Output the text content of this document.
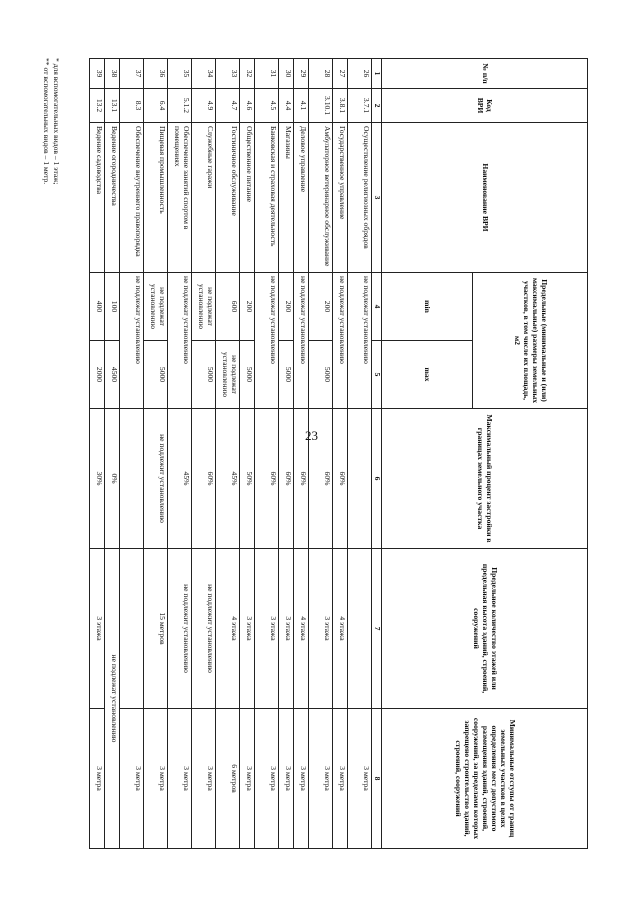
23
№ п/п	Код ВРИ	Наименование ВРИ	Предельные (минимальные и (или) максимальные) размеры земельных участков, в том числе их площадь, м2		Максимальный процент застройки в границах земельного участка	Предельное количество этажей или предельная высота зданий, строений, сооружений	Минимальные отступы от границ земельных участков в целях определения мест допустимого размещения зданий, строений, сооружений, за пределами которых запрещено строительство зданий, строений, сооружений
			min	max			
1	2	3	4	5	6	7	8
26	3.7.1	Осуществление религиозных обрядов	не подлежат установлению				3 метра
27	3.8.1	Государственное управление	не подлежат установлению		60%	4 этажа	3 метра
28	3.10.1	Амбулаторное ветеринарное обслуживание	200	5000	60%	3 этажа	3 метра
29	4.1	Деловое управление	не подлежат установлению		60%	4 этажа	3 метра
30	4.4	Магазины	200	5000	60%	3 этажа	3 метра
31	4.5	Банковская и страховая деятельность	не подлежат установлению		60%	3 этажа	3 метра
32	4.6	Общественное питание	200	5000	50%	3 этажа	3 метра
33	4.7	Гостиничное обслуживание	600	не подлежат установлению	45%	4 этажа	6 метров
34	4.9	Служебные гаражи	не подлежат установлению	5000	60%	не подлежит установлению	3 метра
35	5.1.2	Обеспечение занятий спортом в помещениях	не подлежат установлению		45%	не подлежит установлению	3 метра
36	6.4	Пищевая промышленность	не подлежат установлению	5000	не подлежит установлению	15 метров	3 метра
37	8.3	Обеспечение внутреннего правопорядка	не подлежат установлению				3 метра
38	13.1	Ведение огородничества	100	4500	0%	не подлежат установлению	
39	13.2	Ведение садоводства	400	2000	30%	3 этажа	3 метра
* для вспомогательных видов – 1 этаж;
** от вспомогательных видов – 1 метр.
